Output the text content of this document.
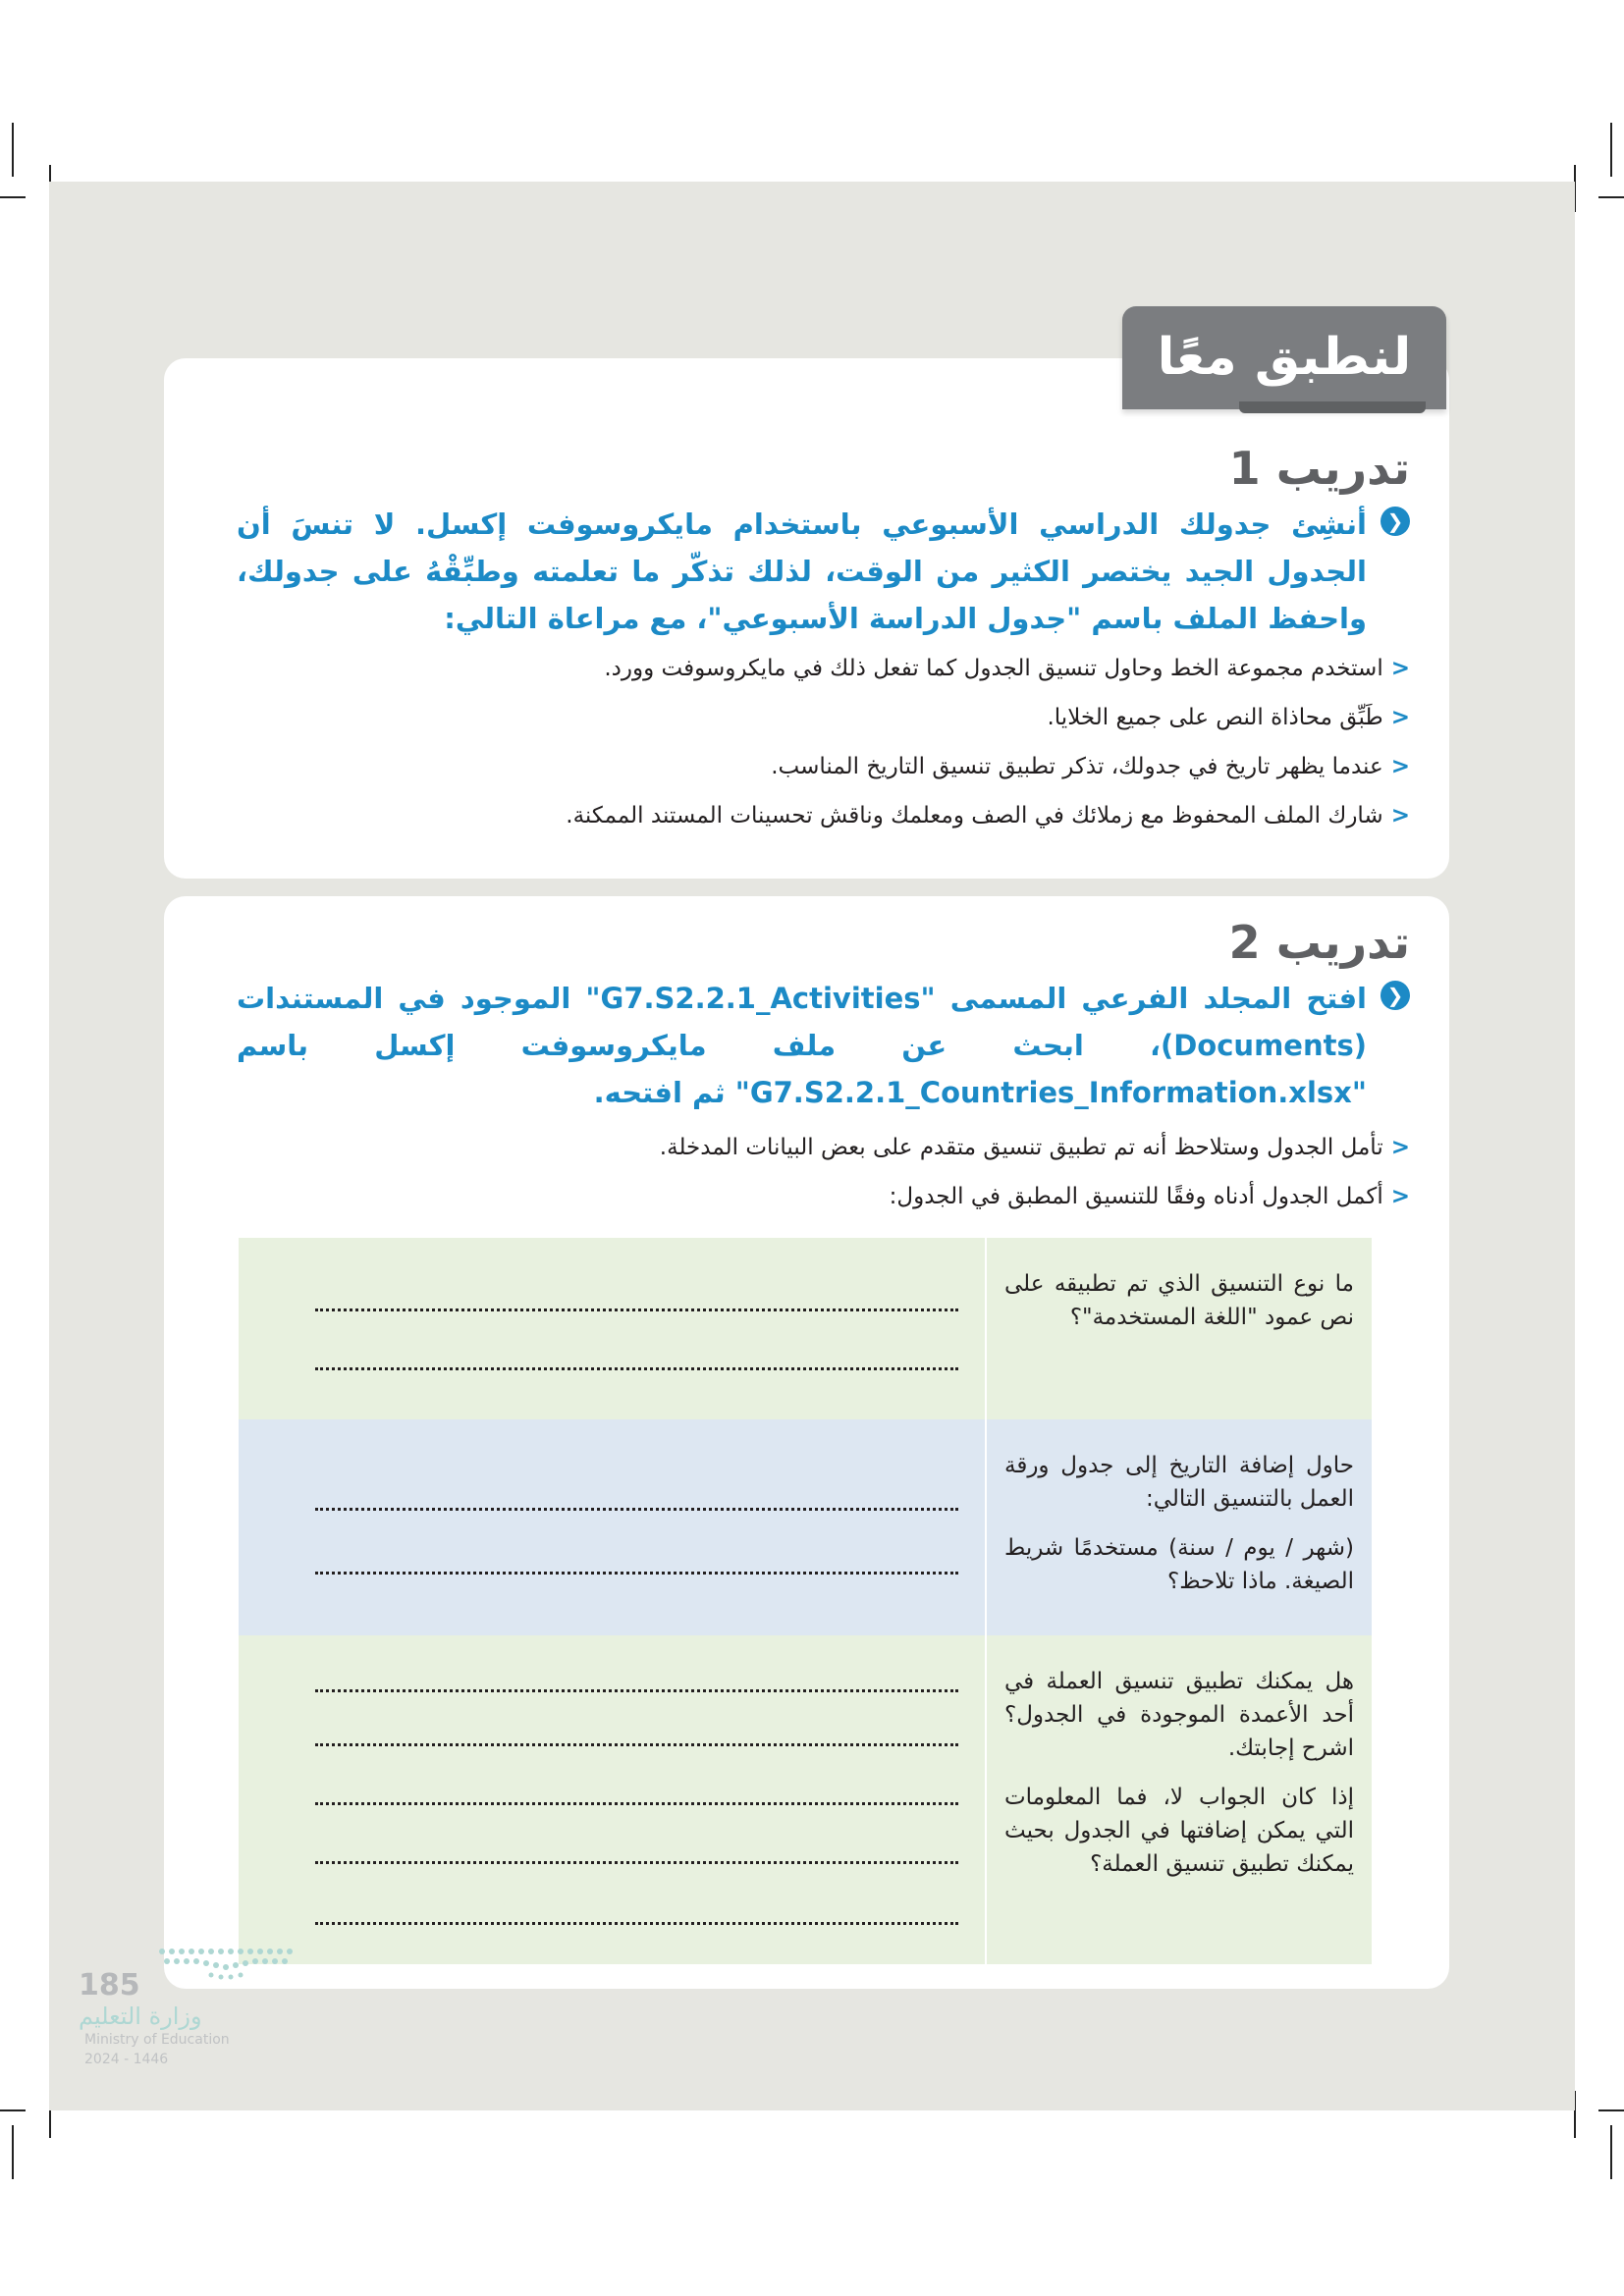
تدريب 1
❮
أنشِئ جدولك الدراسي الأسبوعي باستخدام مايكروسوفت إكسل. لا تنسَ أن الجدول الجيد يختصر الكثير من الوقت، لذلك تذكّر ما تعلمته وطبِّقْهُ على جدولك، واحفظ الملف باسم "جدول الدراسة الأسبوعي"، مع مراعاة التالي:
<استخدم مجموعة الخط وحاول تنسيق الجدول كما تفعل ذلك في مايكروسوفت وورد.
<طَبِّق محاذاة النص على جميع الخلايا.
<عندما يظهر تاريخ في جدولك، تذكر تطبيق تنسيق التاريخ المناسب.
<شارك الملف المحفوظ مع زملائك في الصف ومعلمك وناقش تحسينات المستند الممكنة.
تدريب 2
❮
افتح المجلد الفرعي المسمى "G7.S2.2.1_Activities" الموجود في المستندات (Documents)، ابحث عن ملف مايكروسوفت إكسل باسم "G7.S2.2.1_Countries_Information.xlsx" ثم افتحه.
<تأمل الجدول وستلاحظ أنه تم تطبيق تنسيق متقدم على بعض البيانات المدخلة.
<أكمل الجدول أدناه وفقًا للتنسيق المطبق في الجدول:

ما نوع التنسيق الذي تم تطبيقه على نص عمود "اللغة المستخدمة"؟

حاول إضافة التاريخ إلى جدول ورقة العمل بالتنسيق التالي:

(شهر / يوم / سنة) مستخدمًا شريط الصيغة. ماذا تلاحظ؟

هل يمكنك تطبيق تنسيق العملة في أحد الأعمدة الموجودة في الجدول؟ اشرح إجابتك.

إذا كان الجواب لا، فما المعلومات التي يمكن إضافتها في الجدول بحيث يمكنك تطبيق تنسيق العملة؟

لنطبق معًا
185
وزارة التعليم
Ministry of Education
2024 - 1446
